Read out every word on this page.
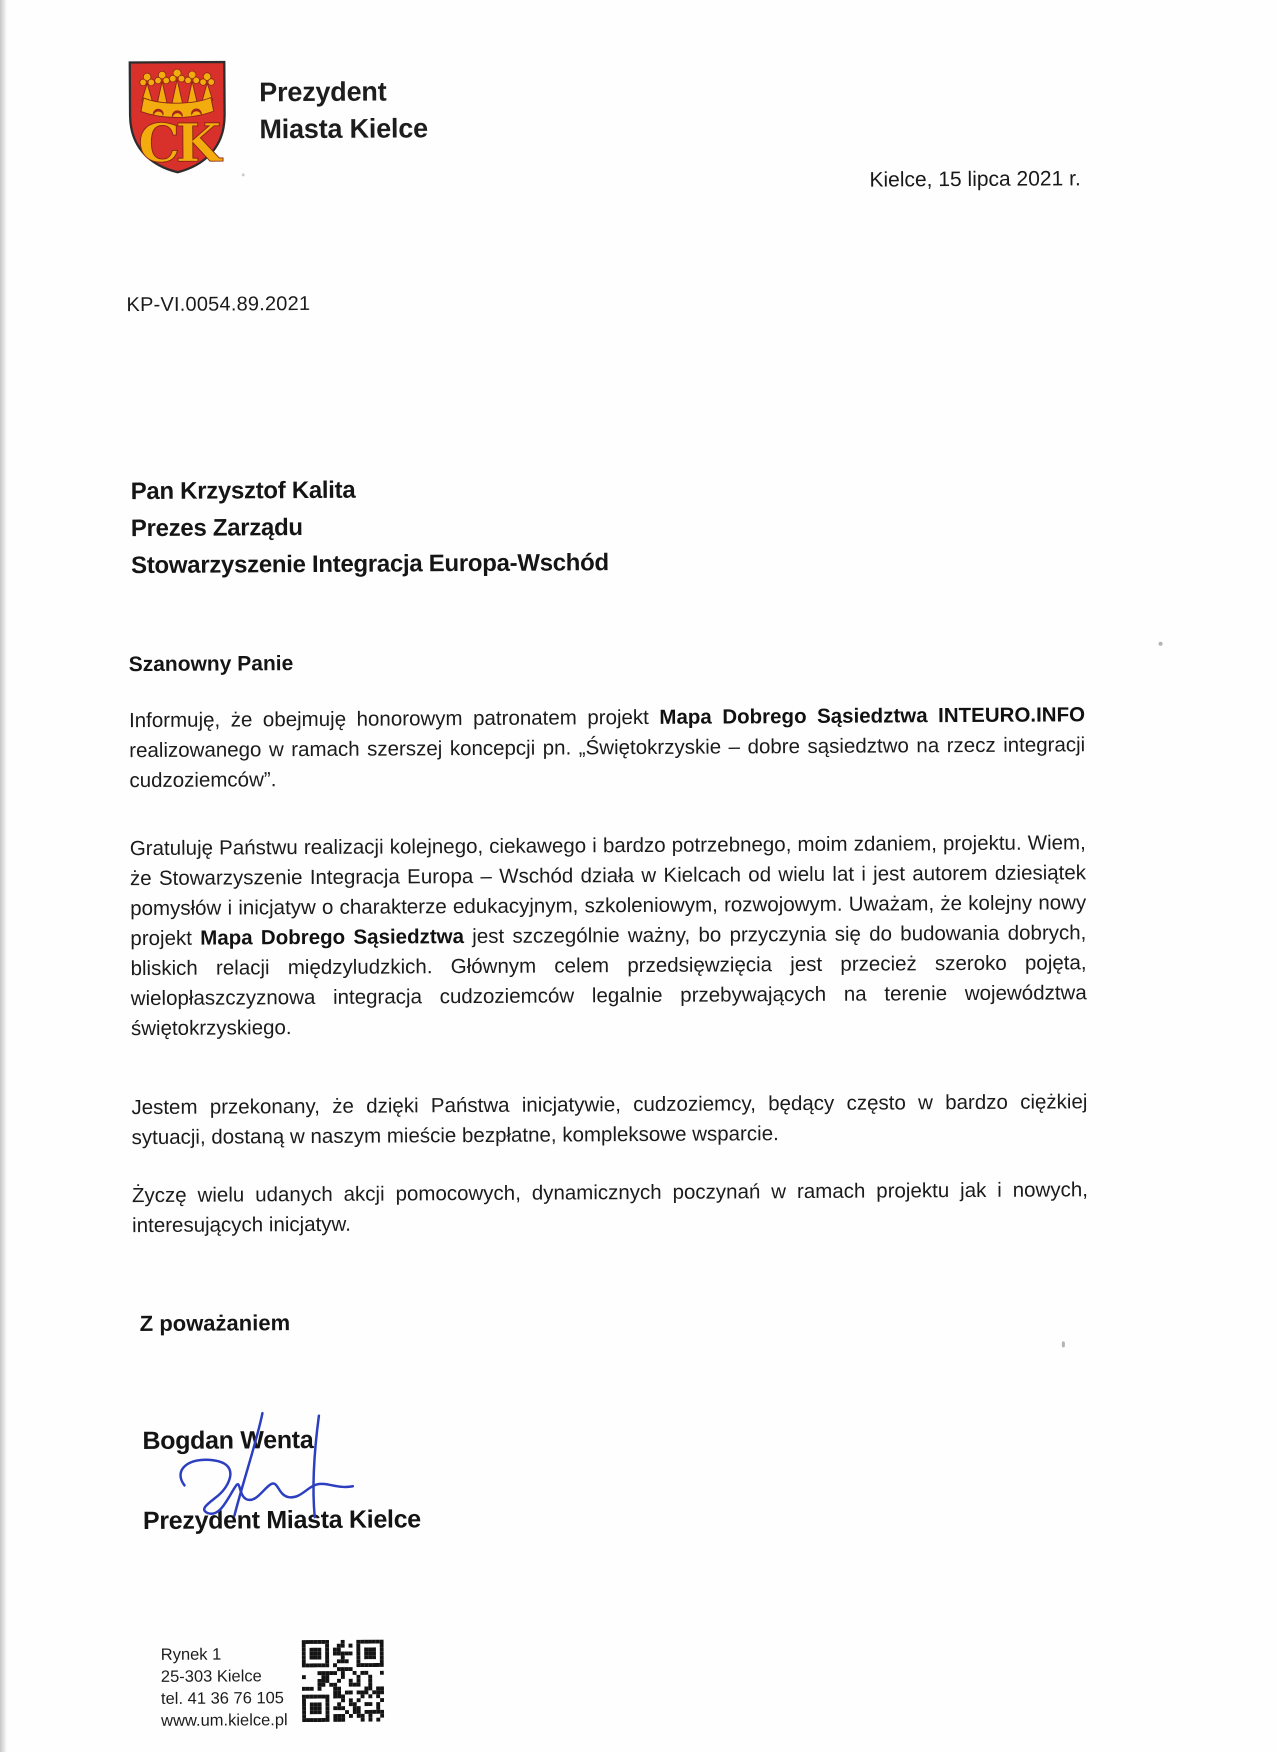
CK
Prezydent
Miasta Kielce
Kielce, 15 lipca 2021 r.
KP-VI.0054.89.2021
Pan Krzysztof Kalita
Prezes Zarządu
Stowarzyszenie Integracja Europa-Wschód
Szanowny Panie

Informuję, że obejmuję honorowym patronatem projekt Mapa Dobrego Sąsiedztwa INTEURO.INFO realizowanego w ramach szerszej koncepcji pn. „Świętokrzyskie – dobre sąsiedztwo na rzecz integracji cudzoziemców”.

Gratuluję Państwu realizacji kolejnego, ciekawego i bardzo potrzebnego, moim zdaniem, projektu. Wiem, że Stowarzyszenie Integracja Europa – Wschód działa w Kielcach od wielu lat i jest autorem dziesiątek pomysłów i inicjatyw o charakterze edukacyjnym, szkoleniowym, rozwojowym. Uważam, że kolejny nowy projekt Mapa Dobrego Sąsiedztwa jest szczególnie ważny, bo przyczynia się do budowania dobrych, bliskich relacji międzyludzkich. Głównym celem przedsięwzięcia jest przecież szeroko pojęta, wielopłaszczyznowa integracja cudzoziemców legalnie przebywających na terenie województwa świętokrzyskiego.

Jestem przekonany, że dzięki Państwa inicjatywie, cudzoziemcy, będący często w bardzo ciężkiej sytuacji, dostaną w naszym mieście bezpłatne, kompleksowe wsparcie.

Życzę wielu udanych akcji pomocowych, dynamicznych poczynań w ramach projektu jak i nowych, interesujących inicjatyw.

Z poważaniem
Bogdan Wenta
Prezydent Miasta Kielce
Rynek 1
25-303 Kielce
tel. 41 36 76 105
www.um.kielce.pl
